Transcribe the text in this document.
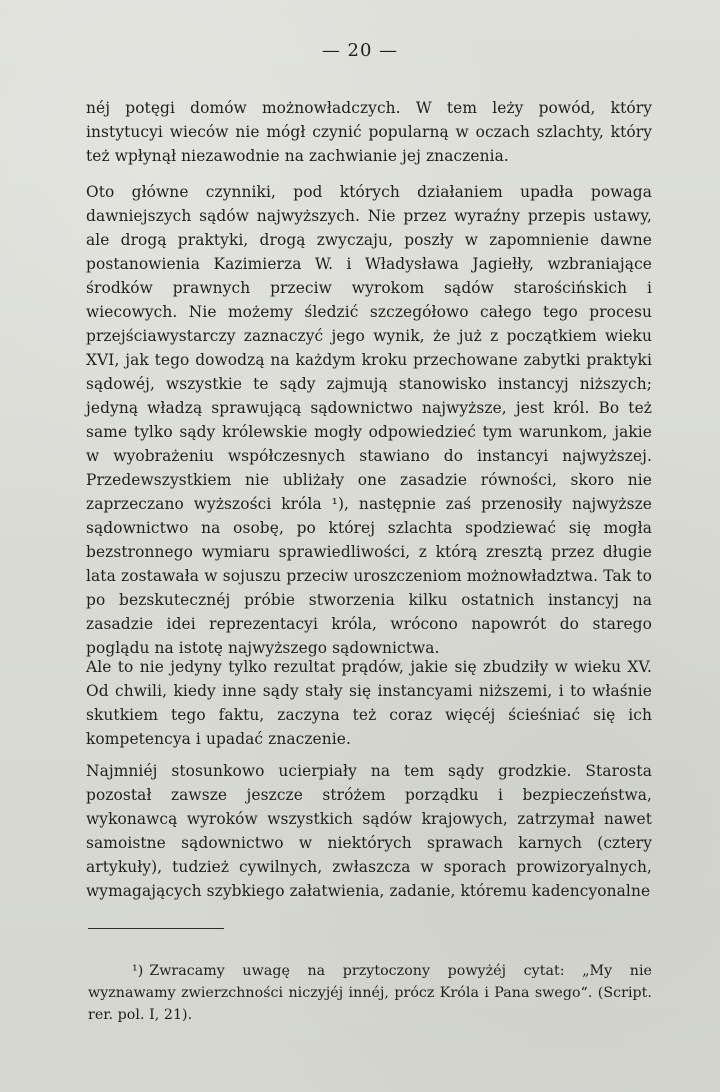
— 20 —

néj potęgi domów możnowładczych. W tem leży powód, który instytucyi wieców nie mógł czynić popularną w oczach szlachty, który też wpłynął niezawodnie na zachwianie jej znaczenia.

Oto główne czynniki, pod których działaniem upadła powaga dawniejszych sądów najwyższych. Nie przez wyraźny przepis ustawy, ale drogą praktyki, drogą zwyczaju, poszły w zapomnienie dawne postanowienia Kazimierza W. i Władysława Jagiełły, wzbraniające środków prawnych przeciw wyrokom sądów starościńskich i wiecowych. Nie możemy śledzić szczegółowo całego tego procesu przejściawystarczy zaznaczyć jego wynik, że już z początkiem wieku XVI, jak tego dowodzą na każdym kroku przechowane zabytki praktyki sądowéj, wszystkie te sądy zajmują stanowisko instancyj niższych; jedyną władzą sprawującą sądownictwo najwyższe, jest król. Bo też same tylko sądy królewskie mogły odpowiedzieć tym warunkom, jakie w wyobrażeniu współczesnych stawiano do instancyi najwyższej. Przedewszystkiem nie ubliżały one zasadzie równości, skoro nie zaprzeczano wyższości króla ¹), następnie zaś przenosiły najwyższe sądownictwo na osobę, po której szlachta spodziewać się mogła bezstronnego wymiaru sprawiedliwości, z którą zresztą przez długie lata zostawała w sojuszu przeciw uroszczeniom możnowładztwa. Tak to po bezskutecznéj próbie stworzenia kilku ostatnich instancyj na zasadzie idei reprezentacyi króla, wrócono napowrót do starego poglądu na istotę najwyższego sądownictwa.

Ale to nie jedyny tylko rezultat prądów, jakie się zbudziły w wieku XV. Od chwili, kiedy inne sądy stały się instancyami niższemi, i to właśnie skutkiem tego faktu, zaczyna też coraz więcéj ścieśniać się ich kompetencya i upadać znaczenie.

Najmniéj stosunkowo ucierpiały na tem sądy grodzkie. Starosta pozostał zawsze jeszcze stróżem porządku i bezpieczeństwa, wykonawcą wyroków wszystkich sądów krajowych, zatrzymał nawet samoistne sądownictwo w niektórych sprawach karnych (cztery artykuły), tudzież cywilnych, zwłaszcza w sporach prowizoryalnych, wymagających szybkiego załatwienia, zadanie, któremu kadencyonalne

¹) Zwracamy uwagę na przytoczony powyżéj cytat: „My nie wyznawamy zwierzchności niczyjéj innéj, prócz Króla i Pana swego“. (Script. rer. pol. I, 21).
